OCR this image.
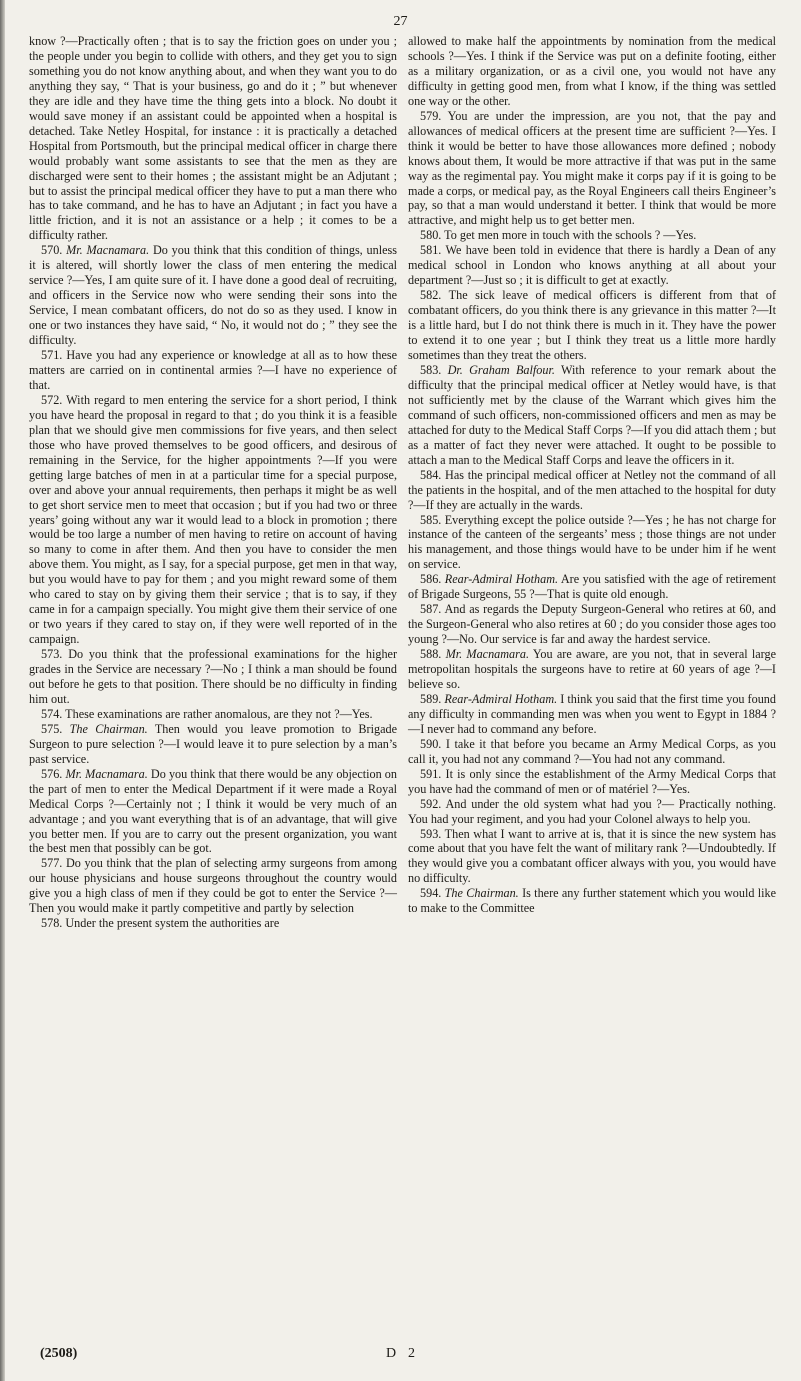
27

know ?—Practically often ; that is to say the friction goes on under you ; the people under you begin to collide with others, and they get you to sign something you do not know anything about, and when they want you to do anything they say, “ That is your business, go and do it ; ” but whenever they are idle and they have time the thing gets into a block. No doubt it would save money if an assistant could be appointed when a hospital is detached. Take Netley Hospital, for instance : it is practically a detached Hospital from Portsmouth, but the principal medical officer in charge there would probably want some assistants to see that the men as they are discharged were sent to their homes ; the assistant might be an Adjutant ; but to assist the principal medical officer they have to put a man there who has to take command, and he has to have an Adjutant ; in fact you have a little friction, and it is not an assistance or a help ; it comes to be a difficulty rather.

570. Mr. Macnamara. Do you think that this condition of things, unless it is altered, will shortly lower the class of men entering the medical service ?—Yes, I am quite sure of it. I have done a good deal of recruiting, and officers in the Service now who were sending their sons into the Service, I mean combatant officers, do not do so as they used. I know in one or two instances they have said, “ No, it would not do ; ” they see the difficulty.

571. Have you had any experience or knowledge at all as to how these matters are carried on in continental armies ?—I have no experience of that.

572. With regard to men entering the service for a short period, I think you have heard the proposal in regard to that ; do you think it is a feasible plan that we should give men commissions for five years, and then select those who have proved themselves to be good officers, and desirous of remaining in the Service, for the higher appointments ?—If you were getting large batches of men in at a particular time for a special purpose, over and above your annual requirements, then perhaps it might be as well to get short service men to meet that occasion ; but if you had two or three years’ going without any war it would lead to a block in promotion ; there would be too large a number of men having to retire on account of having so many to come in after them. And then you have to consider the men above them. You might, as I say, for a special purpose, get men in that way, but you would have to pay for them ; and you might reward some of them who cared to stay on by giving them their service ; that is to say, if they came in for a campaign specially. You might give them their service of one or two years if they cared to stay on, if they were well reported of in the campaign.

573. Do you think that the professional examinations for the higher grades in the Service are necessary ?—No ; I think a man should be found out before he gets to that position. There should be no difficulty in finding him out.

574. These examinations are rather anomalous, are they not ?—Yes.

575. The Chairman. Then would you leave promotion to Brigade Surgeon to pure selection ?—I would leave it to pure selection by a man’s past service.

576. Mr. Macnamara. Do you think that there would be any objection on the part of men to enter the Medical Department if it were made a Royal Medical Corps ?—Certainly not ; I think it would be very much of an advantage ; and you want everything that is of an advantage, that will give you better men. If you are to carry out the present organization, you want the best men that possibly can be got.

577. Do you think that the plan of selecting army surgeons from among our house physicians and house surgeons throughout the country would give you a high class of men if they could be got to enter the Service ?—Then you would make it partly competitive and partly by selection

578. Under the present system the authorities are

allowed to make half the appointments by nomination from the medical schools ?—Yes. I think if the Service was put on a definite footing, either as a military organization, or as a civil one, you would not have any difficulty in getting good men, from what I know, if the thing was settled one way or the other.

579. You are under the impression, are you not, that the pay and allowances of medical officers at the present time are sufficient ?—Yes. I think it would be better to have those allowances more defined ; nobody knows about them, It would be more attractive if that was put in the same way as the regimental pay. You might make it corps pay if it is going to be made a corps, or medical pay, as the Royal Engineers call theirs Engineer’s pay, so that a man would understand it better. I think that would be more attractive, and might help us to get better men.

580. To get men more in touch with the schools ? —Yes.

581. We have been told in evidence that there is hardly a Dean of any medical school in London who knows anything at all about your department ?—Just so ; it is difficult to get at exactly.

582. The sick leave of medical officers is different from that of combatant officers, do you think there is any grievance in this matter ?—It is a little hard, but I do not think there is much in it. They have the power to extend it to one year ; but I think they treat us a little more hardly sometimes than they treat the others.

583. Dr. Graham Balfour. With reference to your remark about the difficulty that the principal medical officer at Netley would have, is that not sufficiently met by the clause of the Warrant which gives him the command of such officers, non-commissioned officers and men as may be attached for duty to the Medical Staff Corps ?—If you did attach them ; but as a matter of fact they never were attached. It ought to be possible to attach a man to the Medical Staff Corps and leave the officers in it.

584. Has the principal medical officer at Netley not the command of all the patients in the hospital, and of the men attached to the hospital for duty ?—If they are actually in the wards.

585. Everything except the police outside ?—Yes ; he has not charge for instance of the canteen of the sergeants’ mess ; those things are not under his management, and those things would have to be under him if he went on service.

586. Rear-Admiral Hotham. Are you satisfied with the age of retirement of Brigade Surgeons, 55 ?—That is quite old enough.

587. And as regards the Deputy Surgeon-General who retires at 60, and the Surgeon-General who also retires at 60 ; do you consider those ages too young ?—No. Our service is far and away the hardest service.

588. Mr. Macnamara. You are aware, are you not, that in several large metropolitan hospitals the surgeons have to retire at 60 years of age ?—I believe so.

589. Rear-Admiral Hotham. I think you said that the first time you found any difficulty in commanding men was when you went to Egypt in 1884 ?—I never had to command any before.

590. I take it that before you became an Army Medical Corps, as you call it, you had not any command ?—You had not any command.

591. It is only since the establishment of the Army Medical Corps that you have had the command of men or of matériel ?—Yes.

592. And under the old system what had you ?— Practically nothing. You had your regiment, and you had your Colonel always to help you.

593. Then what I want to arrive at is, that it is since the new system has come about that you have felt the want of military rank ?—Undoubtedly. If they would give you a combatant officer always with you, you would have no difficulty.

594. The Chairman. Is there any further statement which you would like to make to the Committee

(2508)	D 2
